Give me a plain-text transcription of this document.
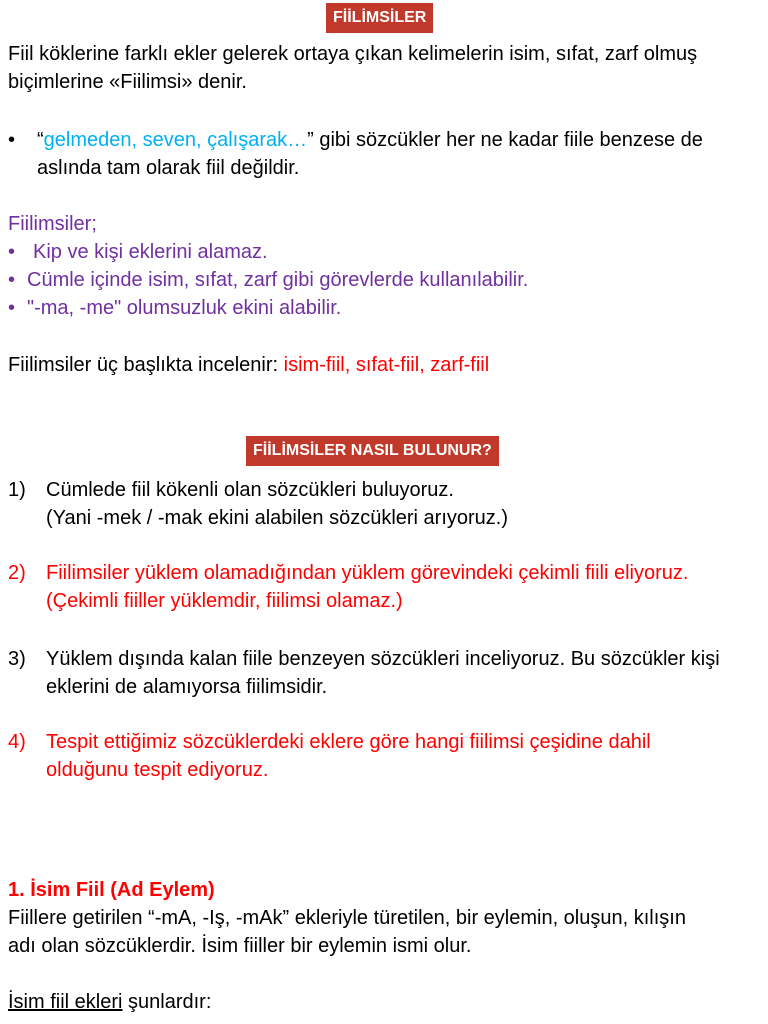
FİİLİMSİLER
Fiil köklerine farklı ekler gelerek ortaya çıkan kelimelerin isim, sıfat, zarf olmuş
biçimlerine «Fiilimsi» denir.
• “gelmeden, seven, çalışarak…” gibi sözcükler her ne kadar fiile benzese de
aslında tam olarak fiil değildir.
Fiilimsiler;
• Kip ve kişi eklerini alamaz.
• Cümle içinde isim, sıfat, zarf gibi görevlerde kullanılabilir.
• "-ma, -me" olumsuzluk ekini alabilir.
Fiilimsiler üç başlıkta incelenir: isim-fiil, sıfat-fiil, zarf-fiil
FİİLİMSİLER NASIL BULUNUR?
1) Cümlede fiil kökenli olan sözcükleri buluyoruz.
(Yani -mek / -mak ekini alabilen sözcükleri arıyoruz.)
2) Fiilimsiler yüklem olamadığından yüklem görevindeki çekimli fiili eliyoruz.
(Çekimli fiiller yüklemdir, fiilimsi olamaz.)
3) Yüklem dışında kalan fiile benzeyen sözcükleri inceliyoruz. Bu sözcükler kişi
eklerini de alamıyorsa fiilimsidir.
4) Tespit ettiğimiz sözcüklerdeki eklere göre hangi fiilimsi çeşidine dahil
olduğunu tespit ediyoruz.
1. İsim Fiil (Ad Eylem)
Fiillere getirilen “-mA, -Iş, -mAk” ekleriyle türetilen, bir eylemin, oluşun, kılışın
adı olan sözcüklerdir. İsim fiiller bir eylemin ismi olur.
İsim fiil ekleri şunlardır:
